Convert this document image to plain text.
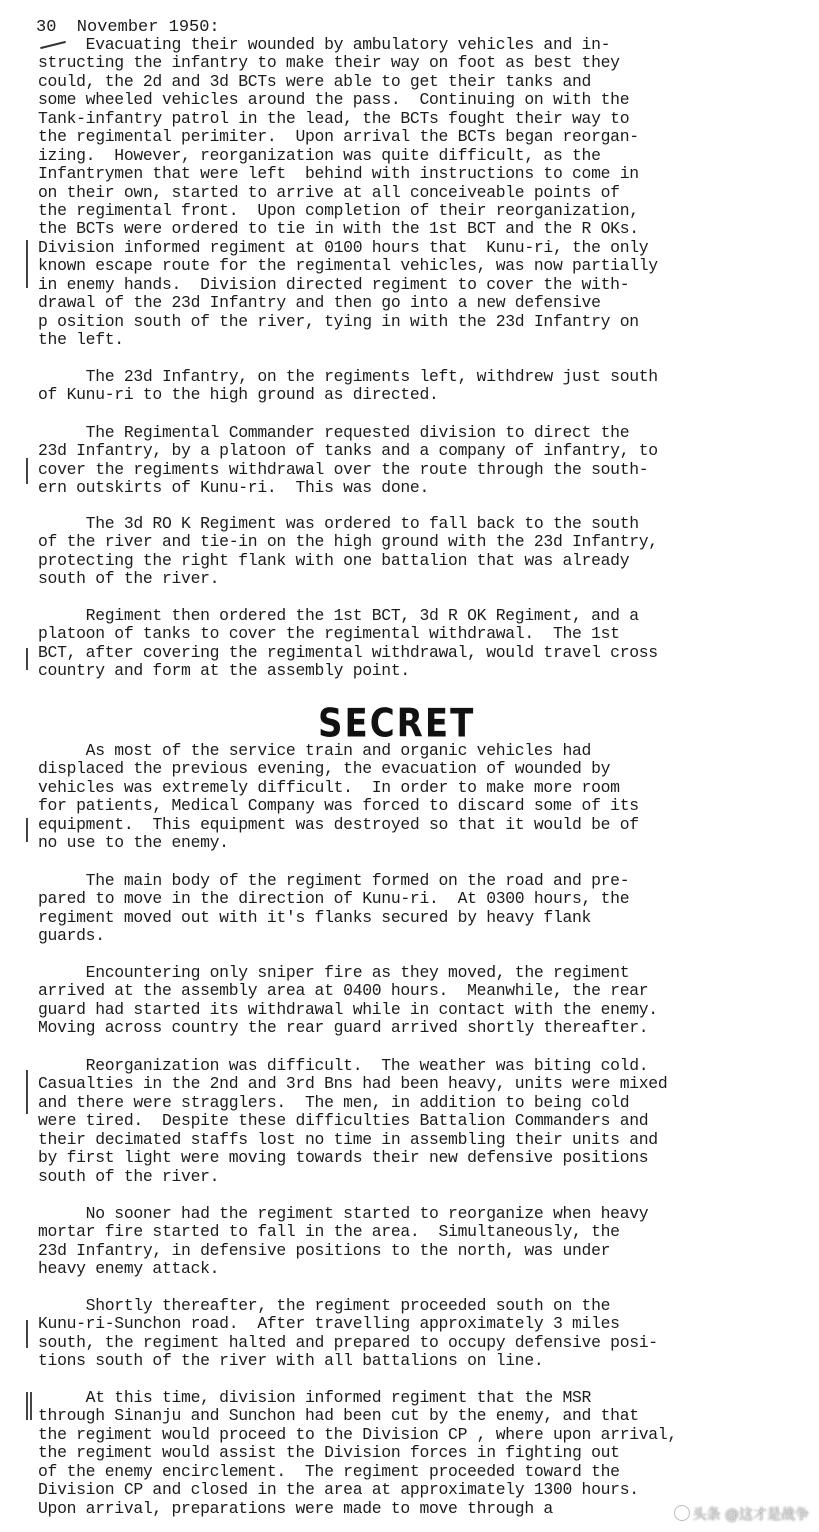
30  November 1950:
Evacuating their wounded by ambulatory vehicles and in-
structing the infantry to make their way on foot as best they
could, the 2d and 3d BCTs were able to get their tanks and
some wheeled vehicles around the pass.  Continuing on with the
Tank-infantry patrol in the lead, the BCTs fought their way to
the regimental perimiter.  Upon arrival the BCTs began reorgan-
izing.  However, reorganization was quite difficult, as the
Infantrymen that were left  behind with instructions to come in
on their own, started to arrive at all conceiveable points of
the regimental front.  Upon completion of their reorganization,
the BCTs were ordered to tie in with the 1st BCT and the R OKs.
Division informed regiment at 0100 hours that  Kunu-ri, the only
known escape route for the regimental vehicles, was now partially
in enemy hands.  Division directed regiment to cover the with-
drawal of the 23d Infantry and then go into a new defensive
p osition south of the river, tying in with the 23d Infantry on
the left.
The 23d Infantry, on the regiments left, withdrew just south
of Kunu-ri to the high ground as directed.
The Regimental Commander requested division to direct the
23d Infantry, by a platoon of tanks and a company of infantry, to
cover the regiments withdrawal over the route through the south-
ern outskirts of Kunu-ri.  This was done.
The 3d RO K Regiment was ordered to fall back to the south
of the river and tie-in on the high ground with the 23d Infantry,
protecting the right flank with one battalion that was already
south of the river.
Regiment then ordered the 1st BCT, 3d R OK Regiment, and a
platoon of tanks to cover the regimental withdrawal.  The 1st
BCT, after covering the regimental withdrawal, would travel cross
country and form at the assembly point.
SECRET
As most of the service train and organic vehicles had
displaced the previous evening, the evacuation of wounded by
vehicles was extremely difficult.  In order to make more room
for patients, Medical Company was forced to discard some of its
equipment.  This equipment was destroyed so that it would be of
no use to the enemy.
The main body of the regiment formed on the road and pre-
pared to move in the direction of Kunu-ri.  At 0300 hours, the
regiment moved out with it's flanks secured by heavy flank
guards.
Encountering only sniper fire as they moved, the regiment
arrived at the assembly area at 0400 hours.  Meanwhile, the rear
guard had started its withdrawal while in contact with the enemy.
Moving across country the rear guard arrived shortly thereafter.
Reorganization was difficult.  The weather was biting cold.
Casualties in the 2nd and 3rd Bns had been heavy, units were mixed
and there were stragglers.  The men, in addition to being cold
were tired.  Despite these difficulties Battalion Commanders and
their decimated staffs lost no time in assembling their units and
by first light were moving towards their new defensive positions
south of the river.
No sooner had the regiment started to reorganize when heavy
mortar fire started to fall in the area.  Simultaneously, the
23d Infantry, in defensive positions to the north, was under
heavy enemy attack.
Shortly thereafter, the regiment proceeded south on the
Kunu-ri-Sunchon road.  After travelling approximately 3 miles
south, the regiment halted and prepared to occupy defensive posi-
tions south of the river with all battalions on line.
At this time, division informed regiment that the MSR
through Sinanju and Sunchon had been cut by the enemy, and that
the regiment would proceed to the Division CP , where upon arrival,
the regiment would assist the Division forces in fighting out
of the enemy encirclement.  The regiment proceeded toward the
Division CP and closed in the area at approximately 1300 hours.
Upon arrival, preparations were made to move through a	头条 @这才是战争
